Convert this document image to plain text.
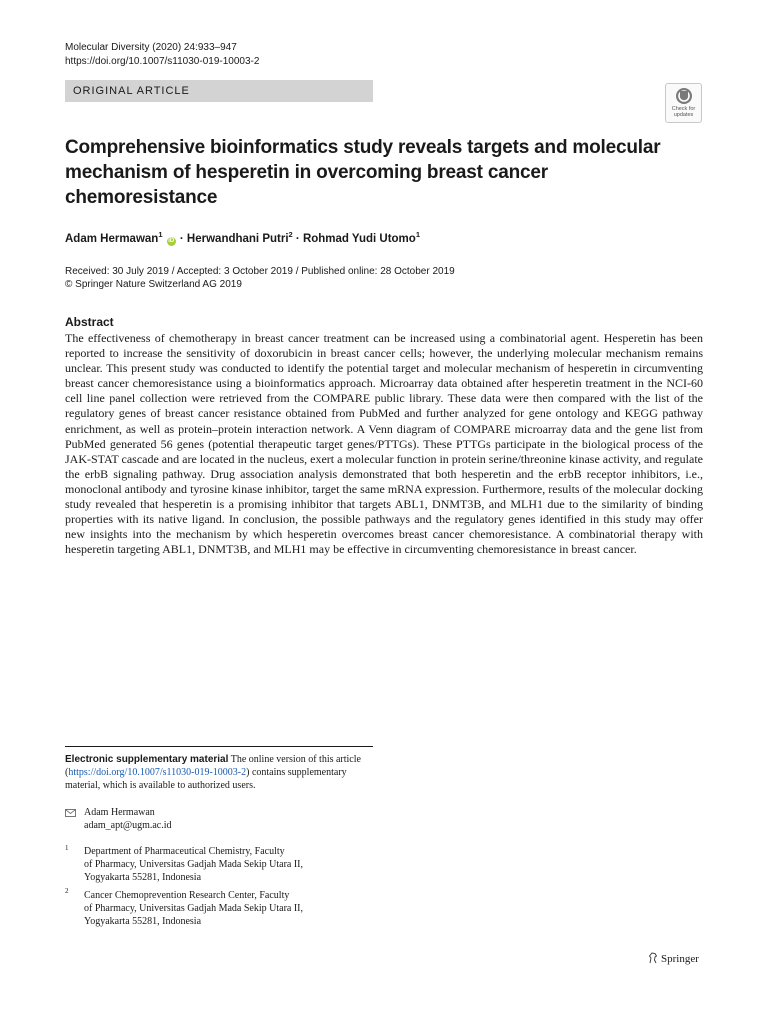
Molecular Diversity (2020) 24:933–947
https://doi.org/10.1007/s11030-019-10003-2
ORIGINAL ARTICLE
Check for updates
Comprehensive bioinformatics study reveals targets and molecular mechanism of hesperetin in overcoming breast cancer chemoresistance
Adam Hermawan$^1$ iD · Herwandhani Putri$^2$ · Rohmad Yudi Utomo$^1$
Received: 30 July 2019 / Accepted: 3 October 2019 / Published online: 28 October 2019
© Springer Nature Switzerland AG 2019
Abstract

The effectiveness of chemotherapy in breast cancer treatment can be increased using a combinatorial agent. Hesperetin has been reported to increase the sensitivity of doxorubicin in breast cancer cells; however, the underlying molecular mechanism remains unclear. This present study was conducted to identify the potential target and molecular mechanism of hesperetin in circumventing breast cancer chemoresistance using a bioinformatics approach. Microarray data obtained after hesperetin treatment in the NCI-60 cell line panel collection were retrieved from the COMPARE public library. These data were then compared with the list of the regulatory genes of breast cancer resistance obtained from PubMed and further analyzed for gene ontology and KEGG pathway enrichment, as well as protein–protein interaction network. A Venn diagram of COMPARE microarray data and the gene list from PubMed generated 56 genes (potential therapeutic target genes/PTTGs). These PTTGs participate in the biological process of the JAK-STAT cascade and are located in the nucleus, exert a molecular function in protein serine/threonine kinase activity, and regulate the erbB signaling pathway. Drug association analysis demonstrated that both hesperetin and the erbB receptor inhibitors, i.e., monoclonal antibody and tyrosine kinase inhibitor, target the same mRNA expression. Furthermore, results of the molecular docking study revealed that hesperetin is a promising inhibitor that targets ABL1, DNMT3B, and MLH1 due to the similarity of binding properties with its native ligand. In conclusion, the possible pathways and the regulatory genes identified in this study may offer new insights into the mechanism by which hesperetin overcomes breast cancer chemoresistance. A combinatorial therapy with hesperetin targeting ABL1, DNMT3B, and MLH1 may be effective in circumventing chemoresistance in breast cancer.

Electronic supplementary material The online version of this article (https://doi.org/10.1007/s11030-019-10003-2) contains supplementary material, which is available to authorized users.

Adam Hermawan
adam_apt@ugm.ac.id
1 Department of Pharmaceutical Chemistry, Faculty
of Pharmacy, Universitas Gadjah Mada Sekip Utara II,
Yogyakarta 55281, Indonesia
2 Cancer Chemoprevention Research Center, Faculty
of Pharmacy, Universitas Gadjah Mada Sekip Utara II,
Yogyakarta 55281, Indonesia
Springer
